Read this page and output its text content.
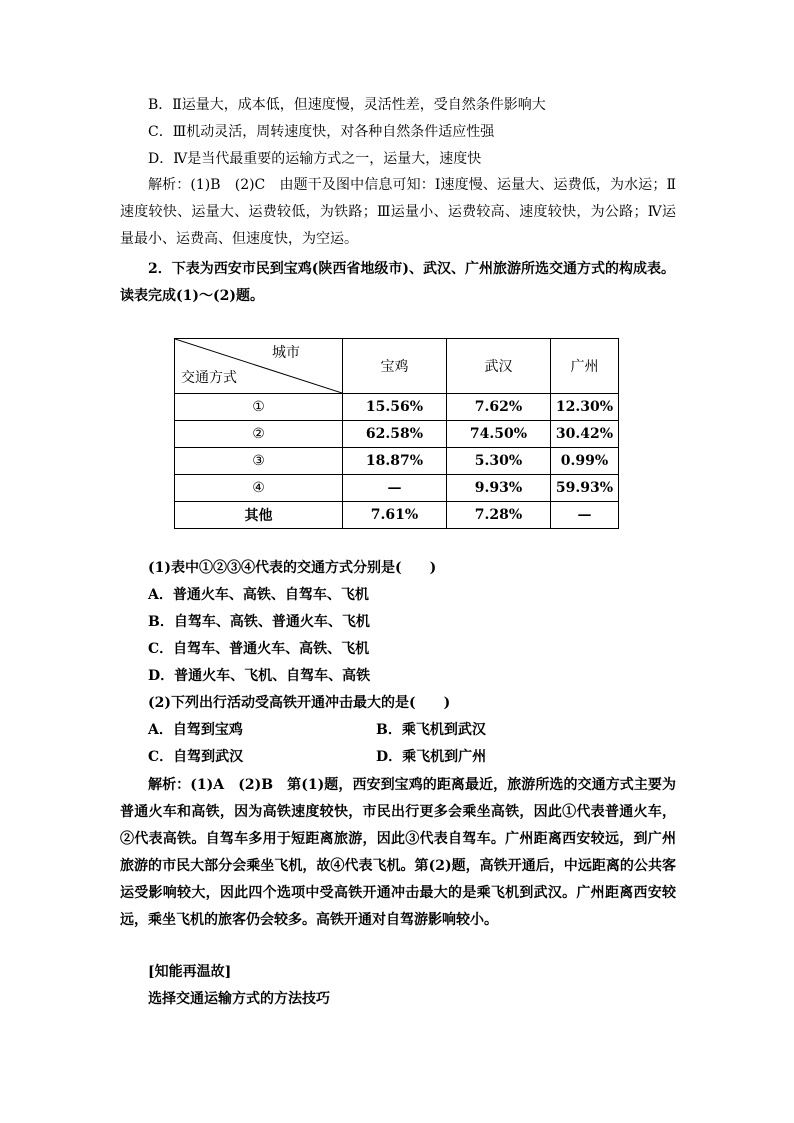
B．Ⅱ运量大，成本低，但速度慢，灵活性差，受自然条件影响大
C．Ⅲ机动灵活，周转速度快，对各种自然条件适应性强
D．Ⅳ是当代最重要的运输方式之一，运量大，速度快
解析：(1)B　(2)C　由题干及图中信息可知：Ⅰ速度慢、运量大、运费低，为水运；Ⅱ速度较快、运量大、运费较低，为铁路；Ⅲ运量小、运费较高、速度较快，为公路；Ⅳ运量最小、运费高、但速度快，为空运。
2．下表为西安市民到宝鸡(陕西省地级市)、武汉、广州旅游所选交通方式的构成表。
读表完成(1)～(2)题。
城市
交通方式	宝鸡	武汉	广州
①	15.56%	7.62%	12.30%
②	62.58%	74.50%	30.42%
③	18.87%	5.30%	0.99%
④	—	9.93%	59.93%
其他	7.61%	7.28%	—
(1)表中①②③④代表的交通方式分别是(　　)
A．普通火车、高铁、自驾车、飞机
B．自驾车、高铁、普通火车、飞机
C．自驾车、普通火车、高铁、飞机
D．普通火车、飞机、自驾车、高铁
(2)下列出行活动受高铁开通冲击最大的是(　　)
A．自驾到宝鸡	B．乘飞机到武汉
C．自驾到武汉	D．乘飞机到广州
解析：(1)A　(2)B　第(1)题，西安到宝鸡的距离最近，旅游所选的交通方式主要为普通火车和高铁，因为高铁速度较快，市民出行更多会乘坐高铁，因此①代表普通火车，②代表高铁。自驾车多用于短距离旅游，因此③代表自驾车。广州距离西安较远，到广州旅游的市民大部分会乘坐飞机，故④代表飞机。第(2)题，高铁开通后，中远距离的公共客运受影响较大，因此四个选项中受高铁开通冲击最大的是乘飞机到武汉。广州距离西安较远，乘坐飞机的旅客仍会较多。高铁开通对自驾游影响较小。
[知能再温故]
选择交通运输方式的方法技巧
